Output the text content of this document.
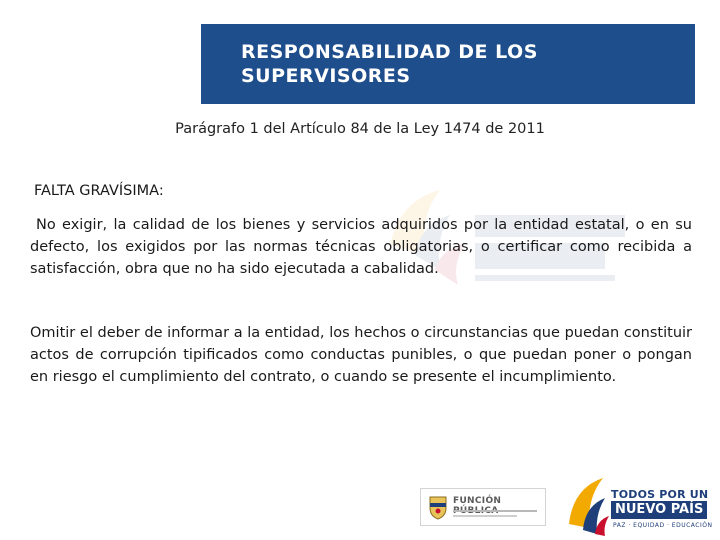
RESPONSABILIDAD DE LOS SUPERVISORES
Parágrafo 1 del Artículo 84 de la Ley 1474 de 2011
FALTA GRAVÍSIMA:
No exigir, la calidad de los bienes y servicios adquiridos por la entidad estatal, o en su defecto, los exigidos por las normas técnicas obligatorias, o certificar como recibida a satisfacción, obra que no ha sido ejecutada a cabalidad.
Omitir el deber de informar a la entidad, los hechos o circunstancias que puedan constituir actos de corrupción tipificados como conductas punibles, o que puedan poner o pongan en riesgo el cumplimiento del contrato, o cuando se presente el incumplimiento.
FUNCIÓN	TODOS POR UN
NUEVO PAÍS
PAZ · EQUIDAD · EDUCACIÓN
